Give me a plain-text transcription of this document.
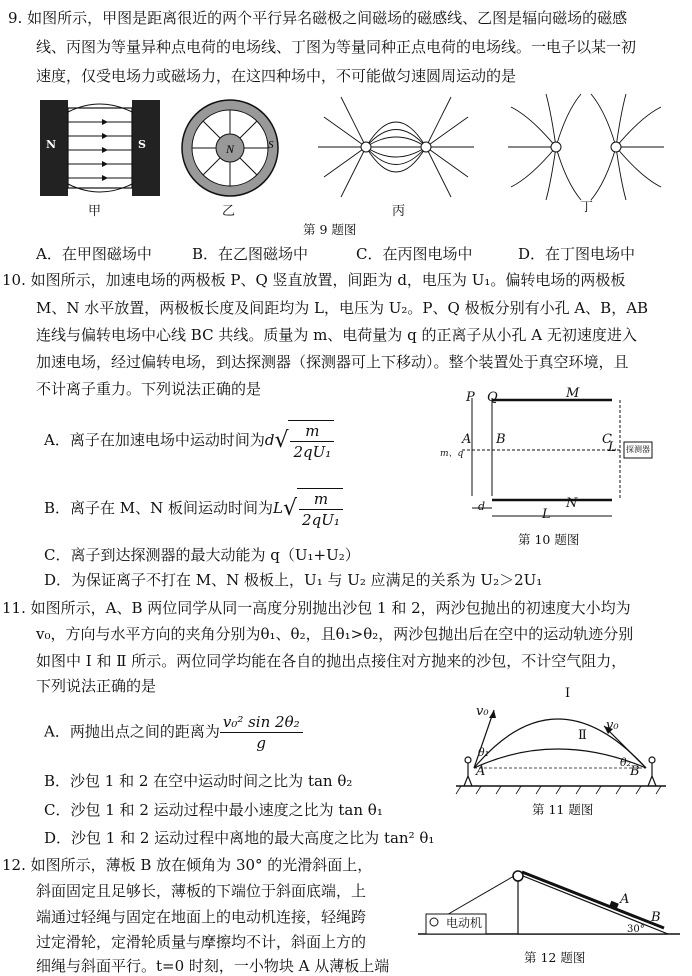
9. 如图所示，甲图是距离很近的两个平行异名磁极之间磁场的磁感线、乙图是辐向磁场的磁感
线、丙图为等量异种点电荷的电场线、丁图为等量同种正点电荷的电场线。一电子以某一初
速度，仅受电场力或磁场力，在这四种场中，不可能做匀速圆周运动的是
N	S	N	S
甲	乙	丙	丁
第 9 题图
A．在甲图磁场中	B．在乙图磁场中	C．在丙图电场中	D．在丁图电场中
10. 如图所示，加速电场的两极板 P、Q 竖直放置，间距为 d，电压为 U₁。偏转电场的两极板
M、N 水平放置，两极板长度及间距均为 L，电压为 U₂。P、Q 极板分别有小孔 A、B，AB
连线与偏转电场中心线 BC 共线。质量为 m、电荷量为 q 的正离子从小孔 A 无初速度进入
加速电场，经过偏转电场，到达探测器（探测器可上下移动）。整个装置处于真空环境，且
不计离子重力。下列说法正确的是
A．离子在加速电场中运动时间为$d√ \frac{m}{\text{2qU₁}}$
B．离子在 M、N 板间运动时间为$L√ \frac{m}{\text{2qU₁}}$
C．离子到达探测器的最大动能为 q（U₁+U₂）
D．为保证离子不打在 M、N 极板上，U₁ 与 U₂ 应满足的关系为 U₂＞2U₁
P Q	M
N
A B	C
L
L
d
m、q	探测器
第 10 题图
11. 如图所示，A、B 两位同学从同一高度分别抛出沙包 1 和 2，两沙包抛出的初速度大小均为
v₀，方向与水平方向的夹角分别为θ₁、θ₂，且θ₁>θ₂，两沙包抛出后在空中的运动轨迹分别
如图中 Ⅰ 和 Ⅱ 所示。两位同学均能在各自的抛出点接住对方抛来的沙包，不计空气阻力，
下列说法正确的是
A．两抛出点之间的距离为 $\frac{\text{v₀² sin 2θ₂}}{g}$
B．沙包 1 和 2 在空中运动时间之比为 tan θ₂
C．沙包 1 和 2 运动过程中最小速度之比为 tan θ₁
D．沙包 1 和 2 运动过程中离地的最大高度之比为 tan² θ₁
Ⅰ
Ⅱ
v₀
v₀
A	B
θ₁
θ₂
第 11 题图
12. 如图所示，薄板 B 放在倾角为 30° 的光滑斜面上，
斜面固定且足够长，薄板的下端位于斜面底端，上
端通过轻绳与固定在地面上的电动机连接，轻绳跨
过定滑轮，定滑轮质量与摩擦均不计，斜面上方的
细绳与斜面平行。t=0 时刻，一小物块 A 从薄板上端
电动机
A
B
30°
第 12 题图
